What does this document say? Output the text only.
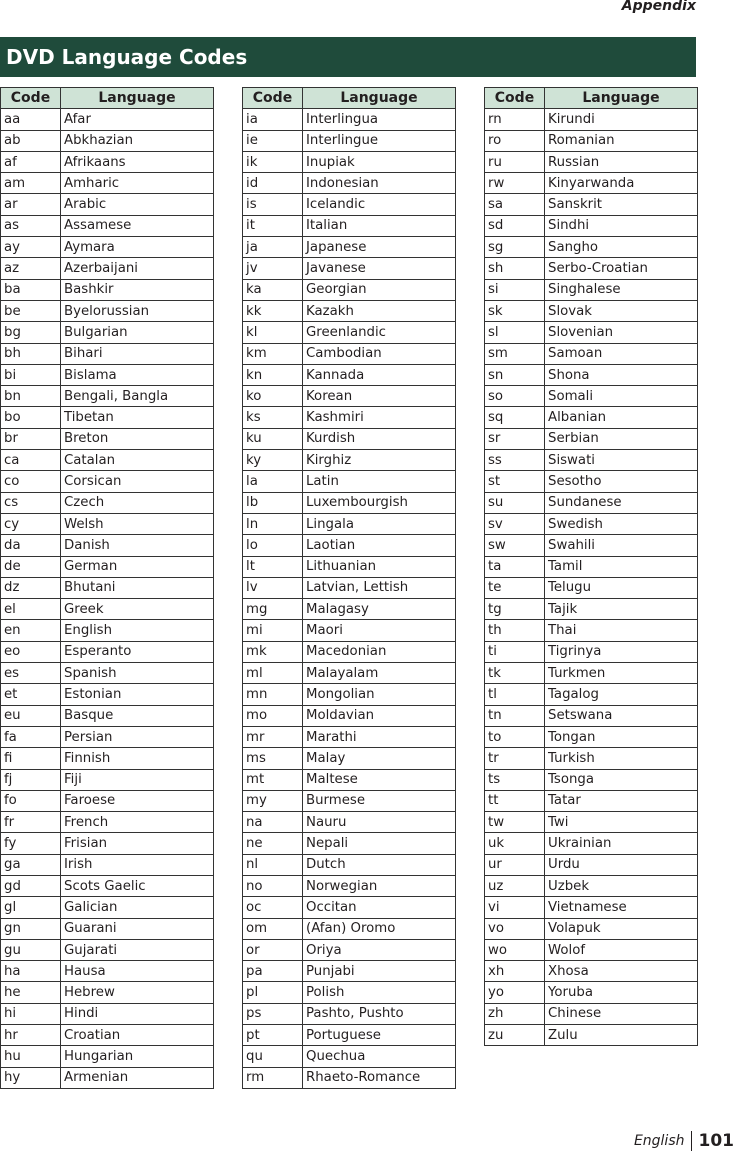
Appendix
DVD Language Codes
Code	Language
aa	Afar
ab	Abkhazian
af	Afrikaans
am	Amharic
ar	Arabic
as	Assamese
ay	Aymara
az	Azerbaijani
ba	Bashkir
be	Byelorussian
bg	Bulgarian
bh	Bihari
bi	Bislama
bn	Bengali, Bangla
bo	Tibetan
br	Breton
ca	Catalan
co	Corsican
cs	Czech
cy	Welsh
da	Danish
de	German
dz	Bhutani
el	Greek
en	English
eo	Esperanto
es	Spanish
et	Estonian
eu	Basque
fa	Persian
fi	Finnish
fj	Fiji
fo	Faroese
fr	French
fy	Frisian
ga	Irish
gd	Scots Gaelic
gl	Galician
gn	Guarani
gu	Gujarati
ha	Hausa
he	Hebrew
hi	Hindi
hr	Croatian
hu	Hungarian
hy	Armenian
Code	Language
ia	Interlingua
ie	Interlingue
ik	Inupiak
id	Indonesian
is	Icelandic
it	Italian
ja	Japanese
jv	Javanese
ka	Georgian
kk	Kazakh
kl	Greenlandic
km	Cambodian
kn	Kannada
ko	Korean
ks	Kashmiri
ku	Kurdish
ky	Kirghiz
la	Latin
lb	Luxembourgish
ln	Lingala
lo	Laotian
lt	Lithuanian
lv	Latvian, Lettish
mg	Malagasy
mi	Maori
mk	Macedonian
ml	Malayalam
mn	Mongolian
mo	Moldavian
mr	Marathi
ms	Malay
mt	Maltese
my	Burmese
na	Nauru
ne	Nepali
nl	Dutch
no	Norwegian
oc	Occitan
om	(Afan) Oromo
or	Oriya
pa	Punjabi
pl	Polish
ps	Pashto, Pushto
pt	Portuguese
qu	Quechua
rm	Rhaeto-Romance
Code	Language
rn	Kirundi
ro	Romanian
ru	Russian
rw	Kinyarwanda
sa	Sanskrit
sd	Sindhi
sg	Sangho
sh	Serbo-Croatian
si	Singhalese
sk	Slovak
sl	Slovenian
sm	Samoan
sn	Shona
so	Somali
sq	Albanian
sr	Serbian
ss	Siswati
st	Sesotho
su	Sundanese
sv	Swedish
sw	Swahili
ta	Tamil
te	Telugu
tg	Tajik
th	Thai
ti	Tigrinya
tk	Turkmen
tl	Tagalog
tn	Setswana
to	Tongan
tr	Turkish
ts	Tsonga
tt	Tatar
tw	Twi
uk	Ukrainian
ur	Urdu
uz	Uzbek
vi	Vietnamese
vo	Volapuk
wo	Wolof
xh	Xhosa
yo	Yoruba
zh	Chinese
zu	Zulu
English 101
